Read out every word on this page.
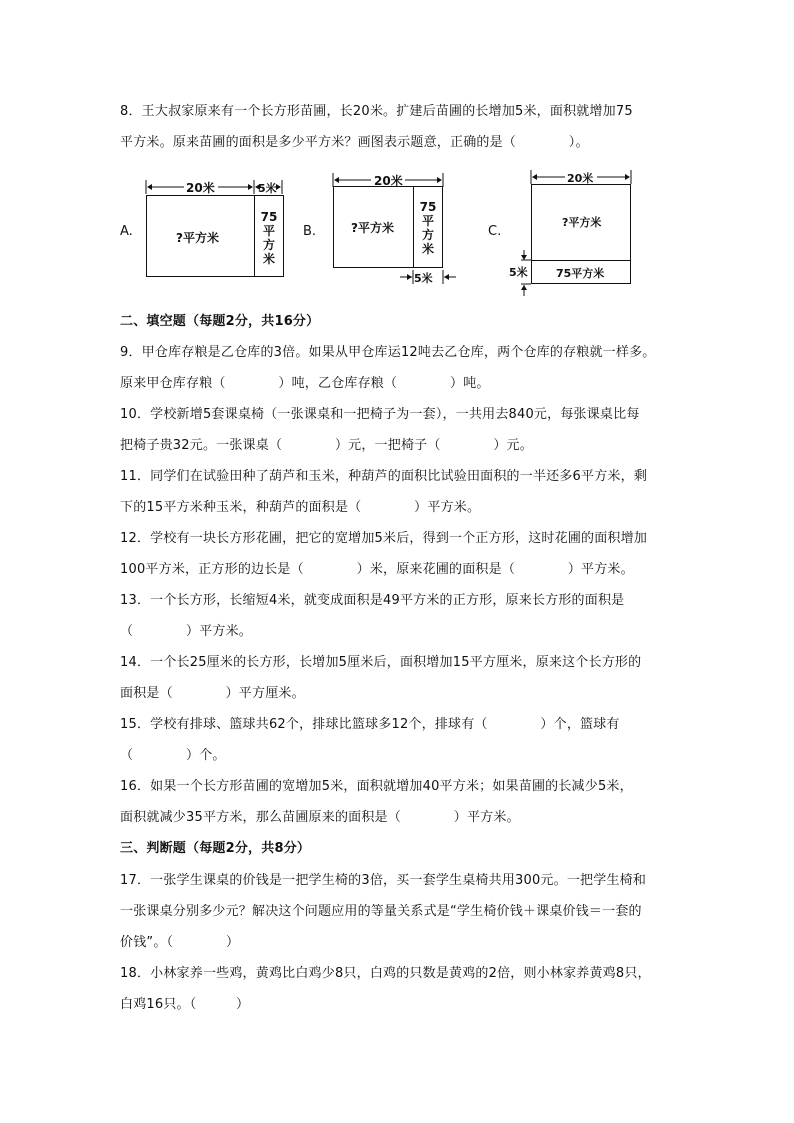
8．王大叔家原来有一个长方形苗圃，长20米。扩建后苗圃的长增加5米，面积就增加75
平方米。原来苗圃的面积是多少平方米？画图表示题意，正确的是（　　　　）。
A.
20米	5米
?平方米
75
平
方
米
B.
20米
?平方米
75
平
方
米
5米
C.
20米
?平方米
75平方米
5米
二、填空题（每题2分，共16分）
9．甲仓库存粮是乙仓库的3倍。如果从甲仓库运12吨去乙仓库，两个仓库的存粮就一样多。
原来甲仓库存粮（　　　　）吨，乙仓库存粮（　　　　）吨。
10．学校新增5套课桌椅（一张课桌和一把椅子为一套），一共用去840元，每张课桌比每
把椅子贵32元。一张课桌（　　　　）元，一把椅子（　　　　）元。
11．同学们在试验田种了葫芦和玉米，种葫芦的面积比试验田面积的一半还多6平方米，剩
下的15平方米种玉米，种葫芦的面积是（　　　　）平方米。
12．学校有一块长方形花圃，把它的宽增加5米后，得到一个正方形，这时花圃的面积增加
100平方米，正方形的边长是（　　　　）米，原来花圃的面积是（　　　　）平方米。
13．一个长方形，长缩短4米，就变成面积是49平方米的正方形，原来长方形的面积是
（　　　　）平方米。
14．一个长25厘米的长方形，长增加5厘米后，面积增加15平方厘米，原来这个长方形的
面积是（　　　　）平方厘米。
15．学校有排球、篮球共62个，排球比篮球多12个，排球有（　　　　）个，篮球有
（　　　　）个。
16．如果一个长方形苗圃的宽增加5米，面积就增加40平方米；如果苗圃的长减少5米，
面积就减少35平方米，那么苗圃原来的面积是（　　　　）平方米。
三、判断题（每题2分，共8分）
17．一张学生课桌的价钱是一把学生椅的3倍，买一套学生桌椅共用300元。一把学生椅和
一张课桌分别多少元？解决这个问题应用的等量关系式是“学生椅价钱＋课桌价钱＝一套的
价钱”。（　　　　）
18．小林家养一些鸡，黄鸡比白鸡少8只，白鸡的只数是黄鸡的2倍，则小林家养黄鸡8只，
白鸡16只。（　　　）
